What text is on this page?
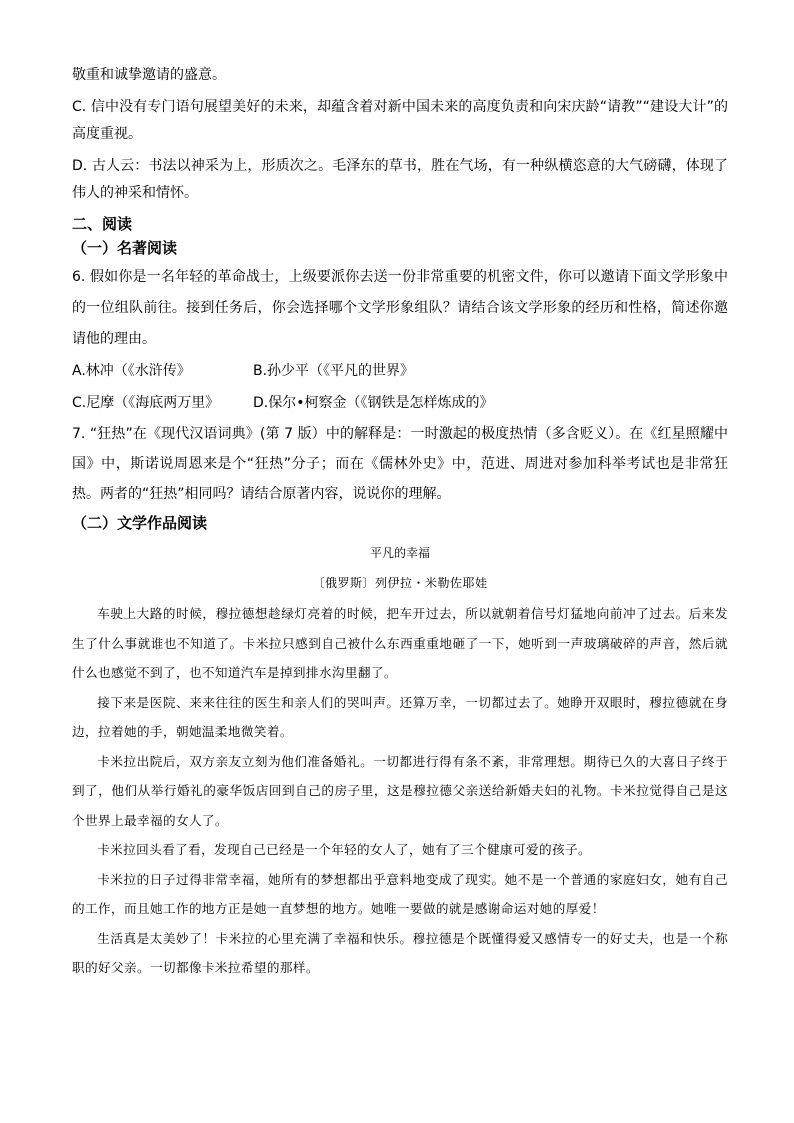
敬重和诚挚邀请的盛意。

C. 信中没有专门语句展望美好的未来，却蕴含着对新中国未来的高度负责和向宋庆龄“请教”“建设大计”的高度重视。

D. 古人云：书法以神采为上，形质次之。毛泽东的草书，胜在气场，有一种纵横恣意的大气磅礴，体现了伟人的神采和情怀。

二、阅读
（一）名著阅读

6. 假如你是一名年轻的革命战士，上级要派你去送一份非常重要的机密文件，你可以邀请下面文学形象中的一位组队前往。接到任务后，你会选择哪个文学形象组队？请结合该文学形象的经历和性格，简述你邀请他的理由。

A.林冲（《水浒传》	B.孙少平（《平凡的世界》
C.尼摩（《海底两万里》	D.保尔•柯察金（《钢铁是怎样炼成的》

7. “狂热”在《现代汉语词典》(第 7 版）中的解释是：一时激起的极度热情（多含贬义）。在《红星照耀中国》中，斯诺说周恩来是个“狂热”分子；而在《儒林外史》中，范进、周进对参加科举考试也是非常狂热。两者的“狂热”相同吗？请结合原著内容，说说你的理解。

（二）文学作品阅读
平凡的幸福
〔俄罗斯〕列伊拉・米勒佐耶娃

车驶上大路的时候，穆拉德想趁绿灯亮着的时候，把车开过去，所以就朝着信号灯猛地向前冲了过去。后来发生了什么事就谁也不知道了。卡米拉只感到自己被什么东西重重地砸了一下，她听到一声玻璃破碎的声音，然后就什么也感觉不到了，也不知道汽车是掉到排水沟里翻了。

接下来是医院、来来往往的医生和亲人们的哭叫声。还算万幸，一切都过去了。她睁开双眼时，穆拉德就在身边，拉着她的手，朝她温柔地微笑着。

卡米拉出院后，双方亲友立刻为他们准备婚礼。一切都进行得有条不紊，非常理想。期待已久的大喜日子终于到了，他们从举行婚礼的豪华饭店回到自己的房子里，这是穆拉德父亲送给新婚夫妇的礼物。卡米拉觉得自己是这个世界上最幸福的女人了。

卡米拉回头看了看，发现自己已经是一个年轻的女人了，她有了三个健康可爱的孩子。

卡米拉的日子过得非常幸福，她所有的梦想都出乎意料地变成了现实。她不是一个普通的家庭妇女，她有自己的工作，而且她工作的地方正是她一直梦想的地方。她唯一要做的就是感谢命运对她的厚爱！

生活真是太美妙了！卡米拉的心里充满了幸福和快乐。穆拉德是个既懂得爱又感情专一的好丈夫，也是一个称职的好父亲。一切都像卡米拉希望的那样。
